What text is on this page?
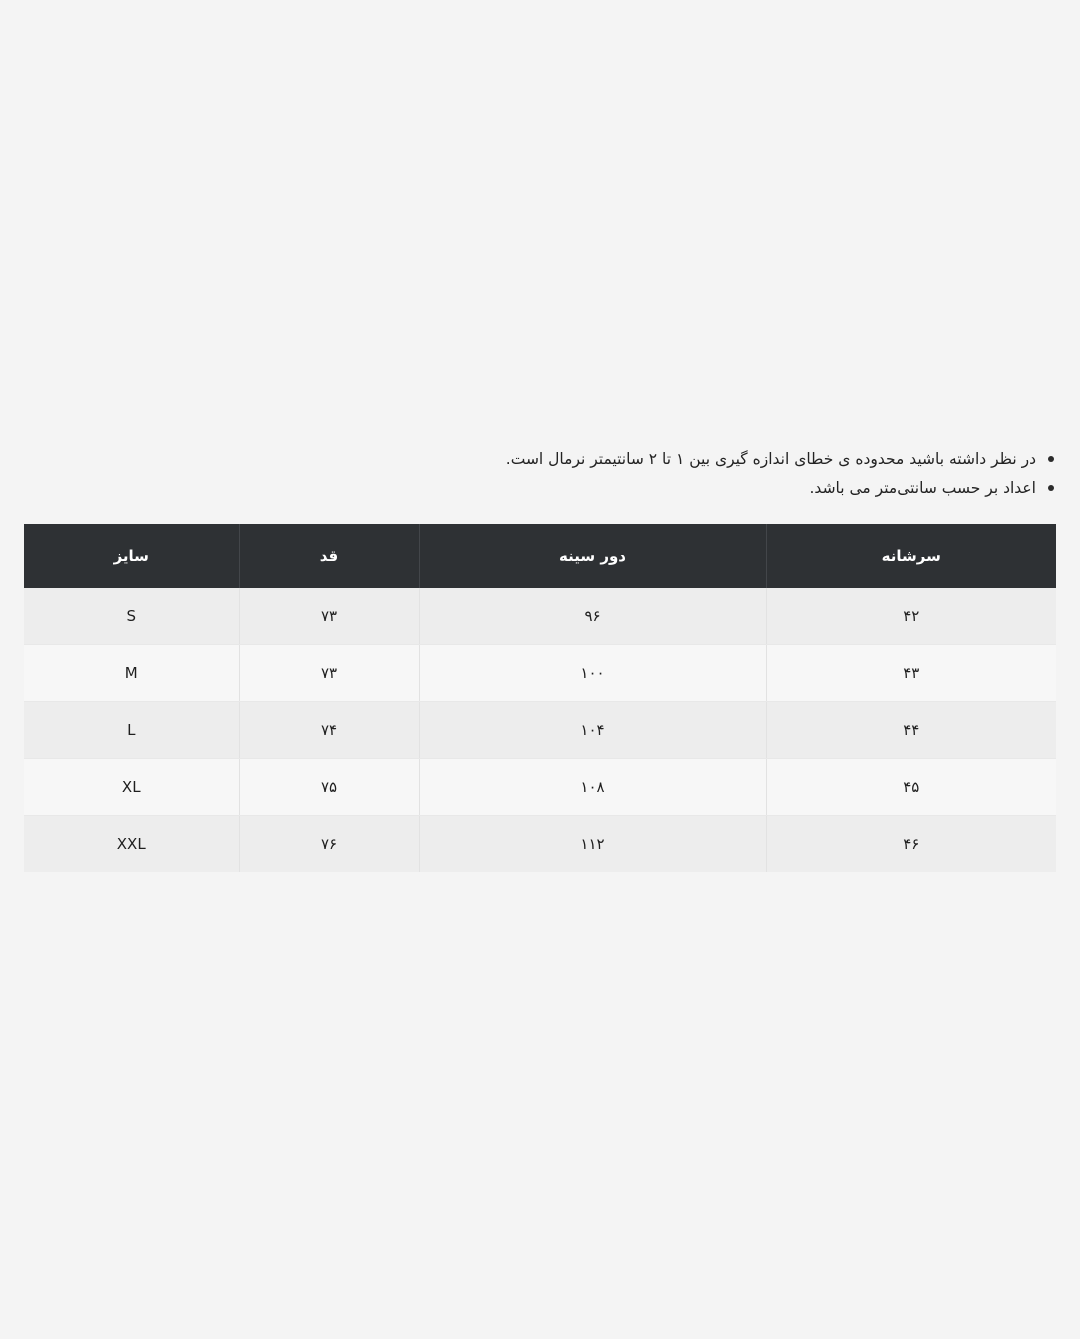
در نظر داشته باشید محدوده ی خطای اندازه گیری بین ۱ تا ۲ سانتیمتر نرمال است.
اعداد بر حسب سانتی‌متر می باشد.
سرشانه	دور سینه	قد	سایز
۴۲	۹۶	۷۳	S
۴۳	۱۰۰	۷۳	M
۴۴	۱۰۴	۷۴	L
۴۵	۱۰۸	۷۵	XL
۴۶	۱۱۲	۷۶	XXL
